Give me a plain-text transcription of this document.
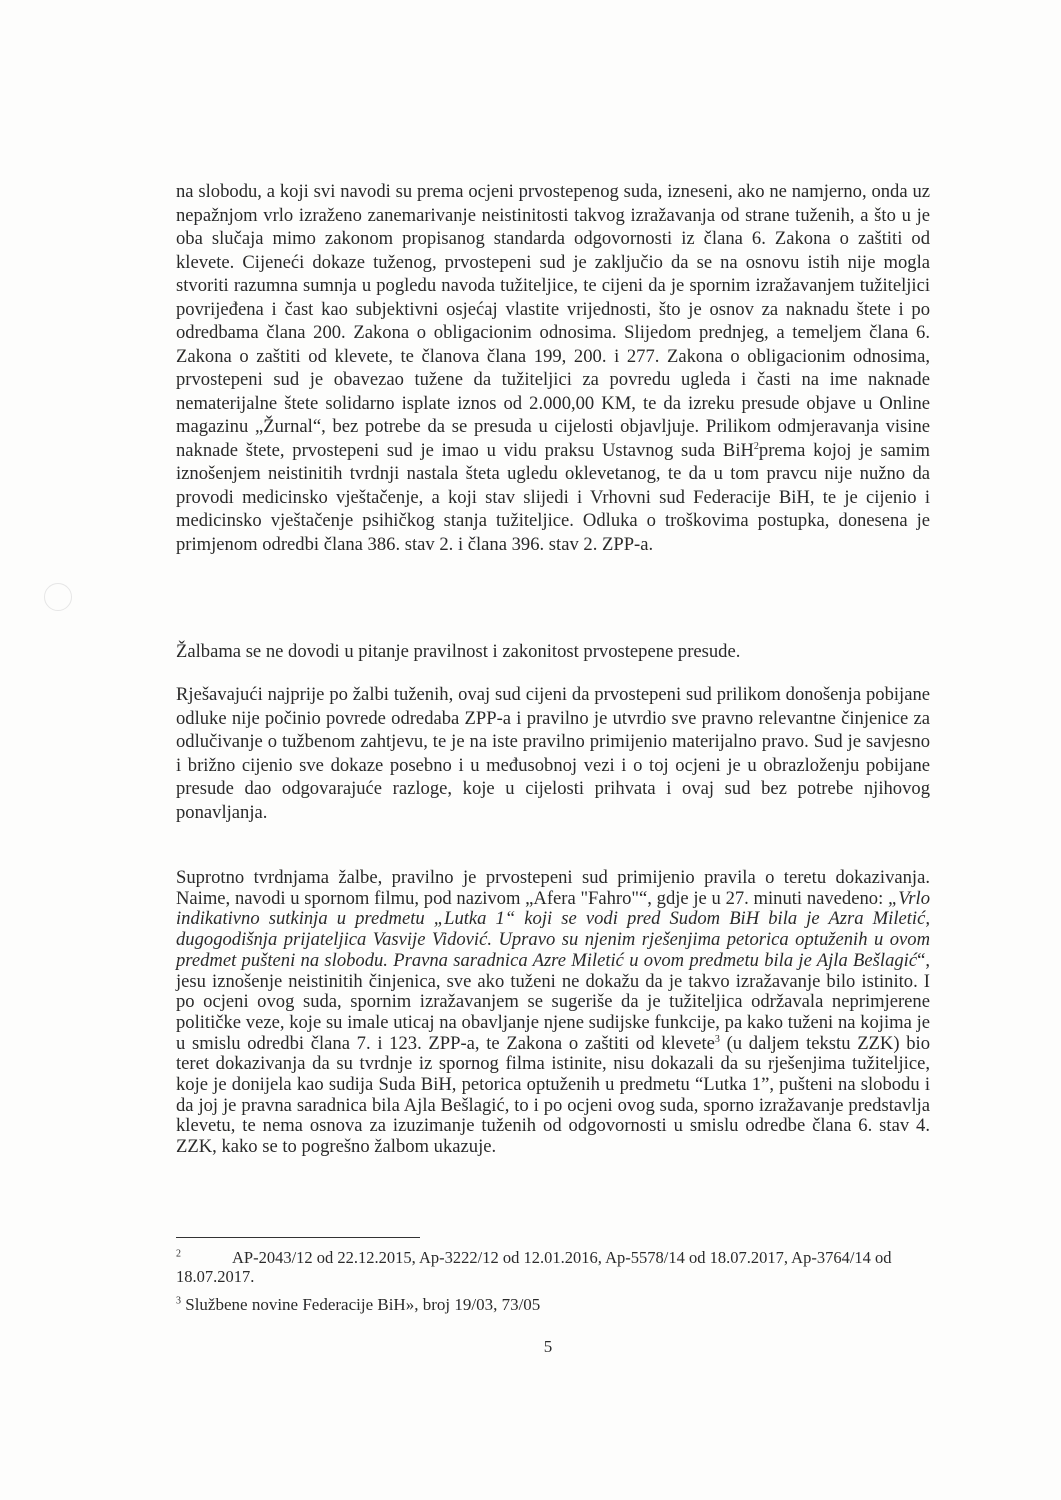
na slobodu, a koji svi navodi su prema ocjeni prvostepenog suda, izneseni, ako ne namjerno, onda uz nepažnjom vrlo izraženo zanemarivanje neistinitosti takvog izražavanja od strane tuženih, a što u je oba slučaja mimo zakonom propisanog standarda odgovornosti iz člana 6. Zakona o zaštiti od klevete. Cijeneći dokaze tuženog, prvostepeni sud je zaključio da se na osnovu istih nije mogla stvoriti razumna sumnja u pogledu navoda tužiteljice, te cijeni da je spornim izražavanjem tužiteljici povrijeđena i čast kao subjektivni osjećaj vlastite vrijednosti, što je osnov za naknadu štete i po odredbama člana 200. Zakona o obligacionim odnosima. Slijedom prednjeg, a temeljem člana 6. Zakona o zaštiti od klevete, te članova člana 199, 200. i 277. Zakona o obligacionim odnosima, prvostepeni sud je obavezao tužene da tužiteljici za povredu ugleda i časti na ime naknade nematerijalne štete solidarno isplate iznos od 2.000,00 KM, te da izreku presude objave u Online magazinu „Žurnal“, bez potrebe da se presuda u cijelosti objavljuje. Prilikom odmjeravanja visine naknade štete, prvostepeni sud je imao u vidu praksu Ustavnog suda BiH$^2$prema kojoj je samim iznošenjem neistinitih tvrdnji nastala šteta ugledu oklevetanog, te da u tom pravcu nije nužno da provodi medicinsko vještačenje, a koji stav slijedi i Vrhovni sud Federacije BiH, te je cijenio i medicinsko vještačenje psihičkog stanja tužiteljice. Odluka o troškovima postupka, donesena je primjenom odredbi člana 386. stav 2. i člana 396. stav 2. ZPP-a.

Žalbama se ne dovodi u pitanje pravilnost i zakonitost prvostepene presude.

Rješavajući najprije po žalbi tuženih, ovaj sud cijeni da prvostepeni sud prilikom donošenja pobijane odluke nije počinio povrede odredaba ZPP-a i pravilno je utvrdio sve pravno relevantne činjenice za odlučivanje o tužbenom zahtjevu, te je na iste pravilno primijenio materijalno pravo. Sud je savjesno i brižno cijenio sve dokaze posebno i u međusobnoj vezi i o toj ocjeni je u obrazloženju pobijane presude dao odgovarajuće razloge, koje u cijelosti prihvata i ovaj sud bez potrebe njihovog ponavljanja.

Suprotno tvrdnjama žalbe, pravilno je prvostepeni sud primijenio pravila o teretu dokazivanja. Naime, navodi u spornom filmu, pod nazivom „Afera "Fahro"“, gdje je u 27. minuti navedeno: „Vrlo indikativno sutkinja u predmetu „Lutka 1“ koji se vodi pred Sudom BiH bila je Azra Miletić, dugogodišnja prijateljica Vasvije Vidović. Upravo su njenim rješenjima petorica optuženih u ovom predmet pušteni na slobodu. Pravna saradnica Azre Miletić u ovom predmetu bila je Ajla Bešlagić“, jesu iznošenje neistinitih činjenica, sve ako tuženi ne dokažu da je takvo izražavanje bilo istinito. I po ocjeni ovog suda, spornim izražavanjem se sugeriše da je tužiteljica održavala neprimjerene političke veze, koje su imale uticaj na obavljanje njene sudijske funkcije, pa kako tuženi na kojima je u smislu odredbi člana 7. i 123. ZPP-a, te Zakona o zaštiti od klevete$^3$ (u daljem tekstu ZZK) bio teret dokazivanja da su tvrdnje iz spornog filma istinite, nisu dokazali da su rješenjima tužiteljice, koje je donijela kao sudija Suda BiH, petorica optuženih u predmetu “Lutka 1”, pušteni na slobodu i da joj je pravna saradnica bila Ajla Bešlagić, to i po ocjeni ovog suda, sporno izražavanje predstavlja klevetu, te nema osnova za izuzimanje tuženih od odgovornosti u smislu odredbe člana 6. stav 4. ZZK, kako se to pogrešno žalbom ukazuje.

$^2$	AP-2043/12 od 22.12.2015, Ap-3222/12 od 12.01.2016, Ap-5578/14 od 18.07.2017, Ap-3764/14 od 18.07.2017.

$^3$ Službene novine Federacije BiH», broj 19/03, 73/05

5
